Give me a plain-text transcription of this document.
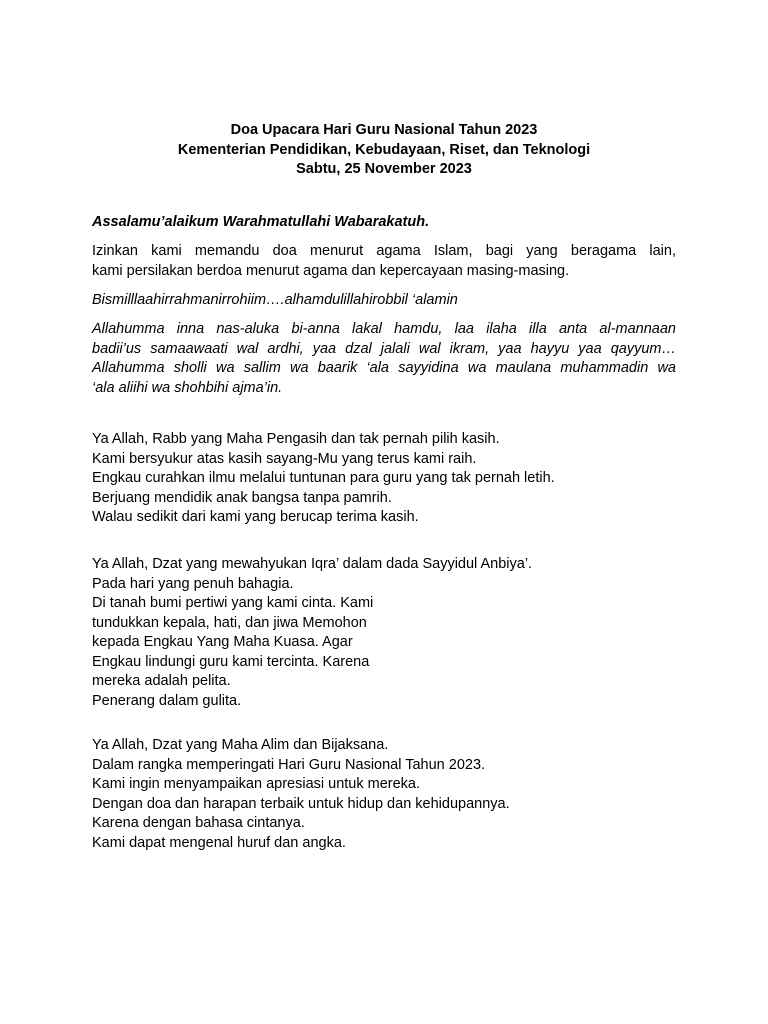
Doa Upacara Hari Guru Nasional Tahun 2023
Kementerian Pendidikan, Kebudayaan, Riset, dan Teknologi
Sabtu, 25 November 2023
Assalamu’alaikum Warahmatullahi Wabarakatuh.
Izinkan kami memandu doa menurut agama Islam, bagi yang beragama lain,
kami persilakan berdoa menurut agama dan kepercayaan masing-masing.
Bismilllaahirrahmanirrohiim….alhamdulillahirobbil ‘alamin
Allahumma inna nas-aluka bi-anna lakal hamdu, laa ilaha illa anta al-mannaan
badii’us samaawaati wal ardhi, yaa dzal jalali wal ikram, yaa hayyu yaa qayyum…
Allahumma sholli wa sallim wa baarik ‘ala sayyidina wa maulana muhammadin wa
‘ala aliihi wa shohbihi ajma’in.
Ya Allah, Rabb yang Maha Pengasih dan tak pernah pilih kasih.
Kami bersyukur atas kasih sayang-Mu yang terus kami raih.
Engkau curahkan ilmu melalui tuntunan para guru yang tak pernah letih.
Berjuang mendidik anak bangsa tanpa pamrih.
Walau sedikit dari kami yang berucap terima kasih.
Ya Allah, Dzat yang mewahyukan Iqra’ dalam dada Sayyidul Anbiya’.
Pada hari yang penuh bahagia.
Di tanah bumi pertiwi yang kami cinta. Kami
tundukkan kepala, hati, dan jiwa Memohon
kepada Engkau Yang Maha Kuasa. Agar
Engkau lindungi guru kami tercinta. Karena
mereka adalah pelita.
Penerang dalam gulita.
Ya Allah, Dzat yang Maha Alim dan Bijaksana.
Dalam rangka memperingati Hari Guru Nasional Tahun 2023.
Kami ingin menyampaikan apresiasi untuk mereka.
Dengan doa dan harapan terbaik untuk hidup dan kehidupannya.
Karena dengan bahasa cintanya.
Kami dapat mengenal huruf dan angka.
